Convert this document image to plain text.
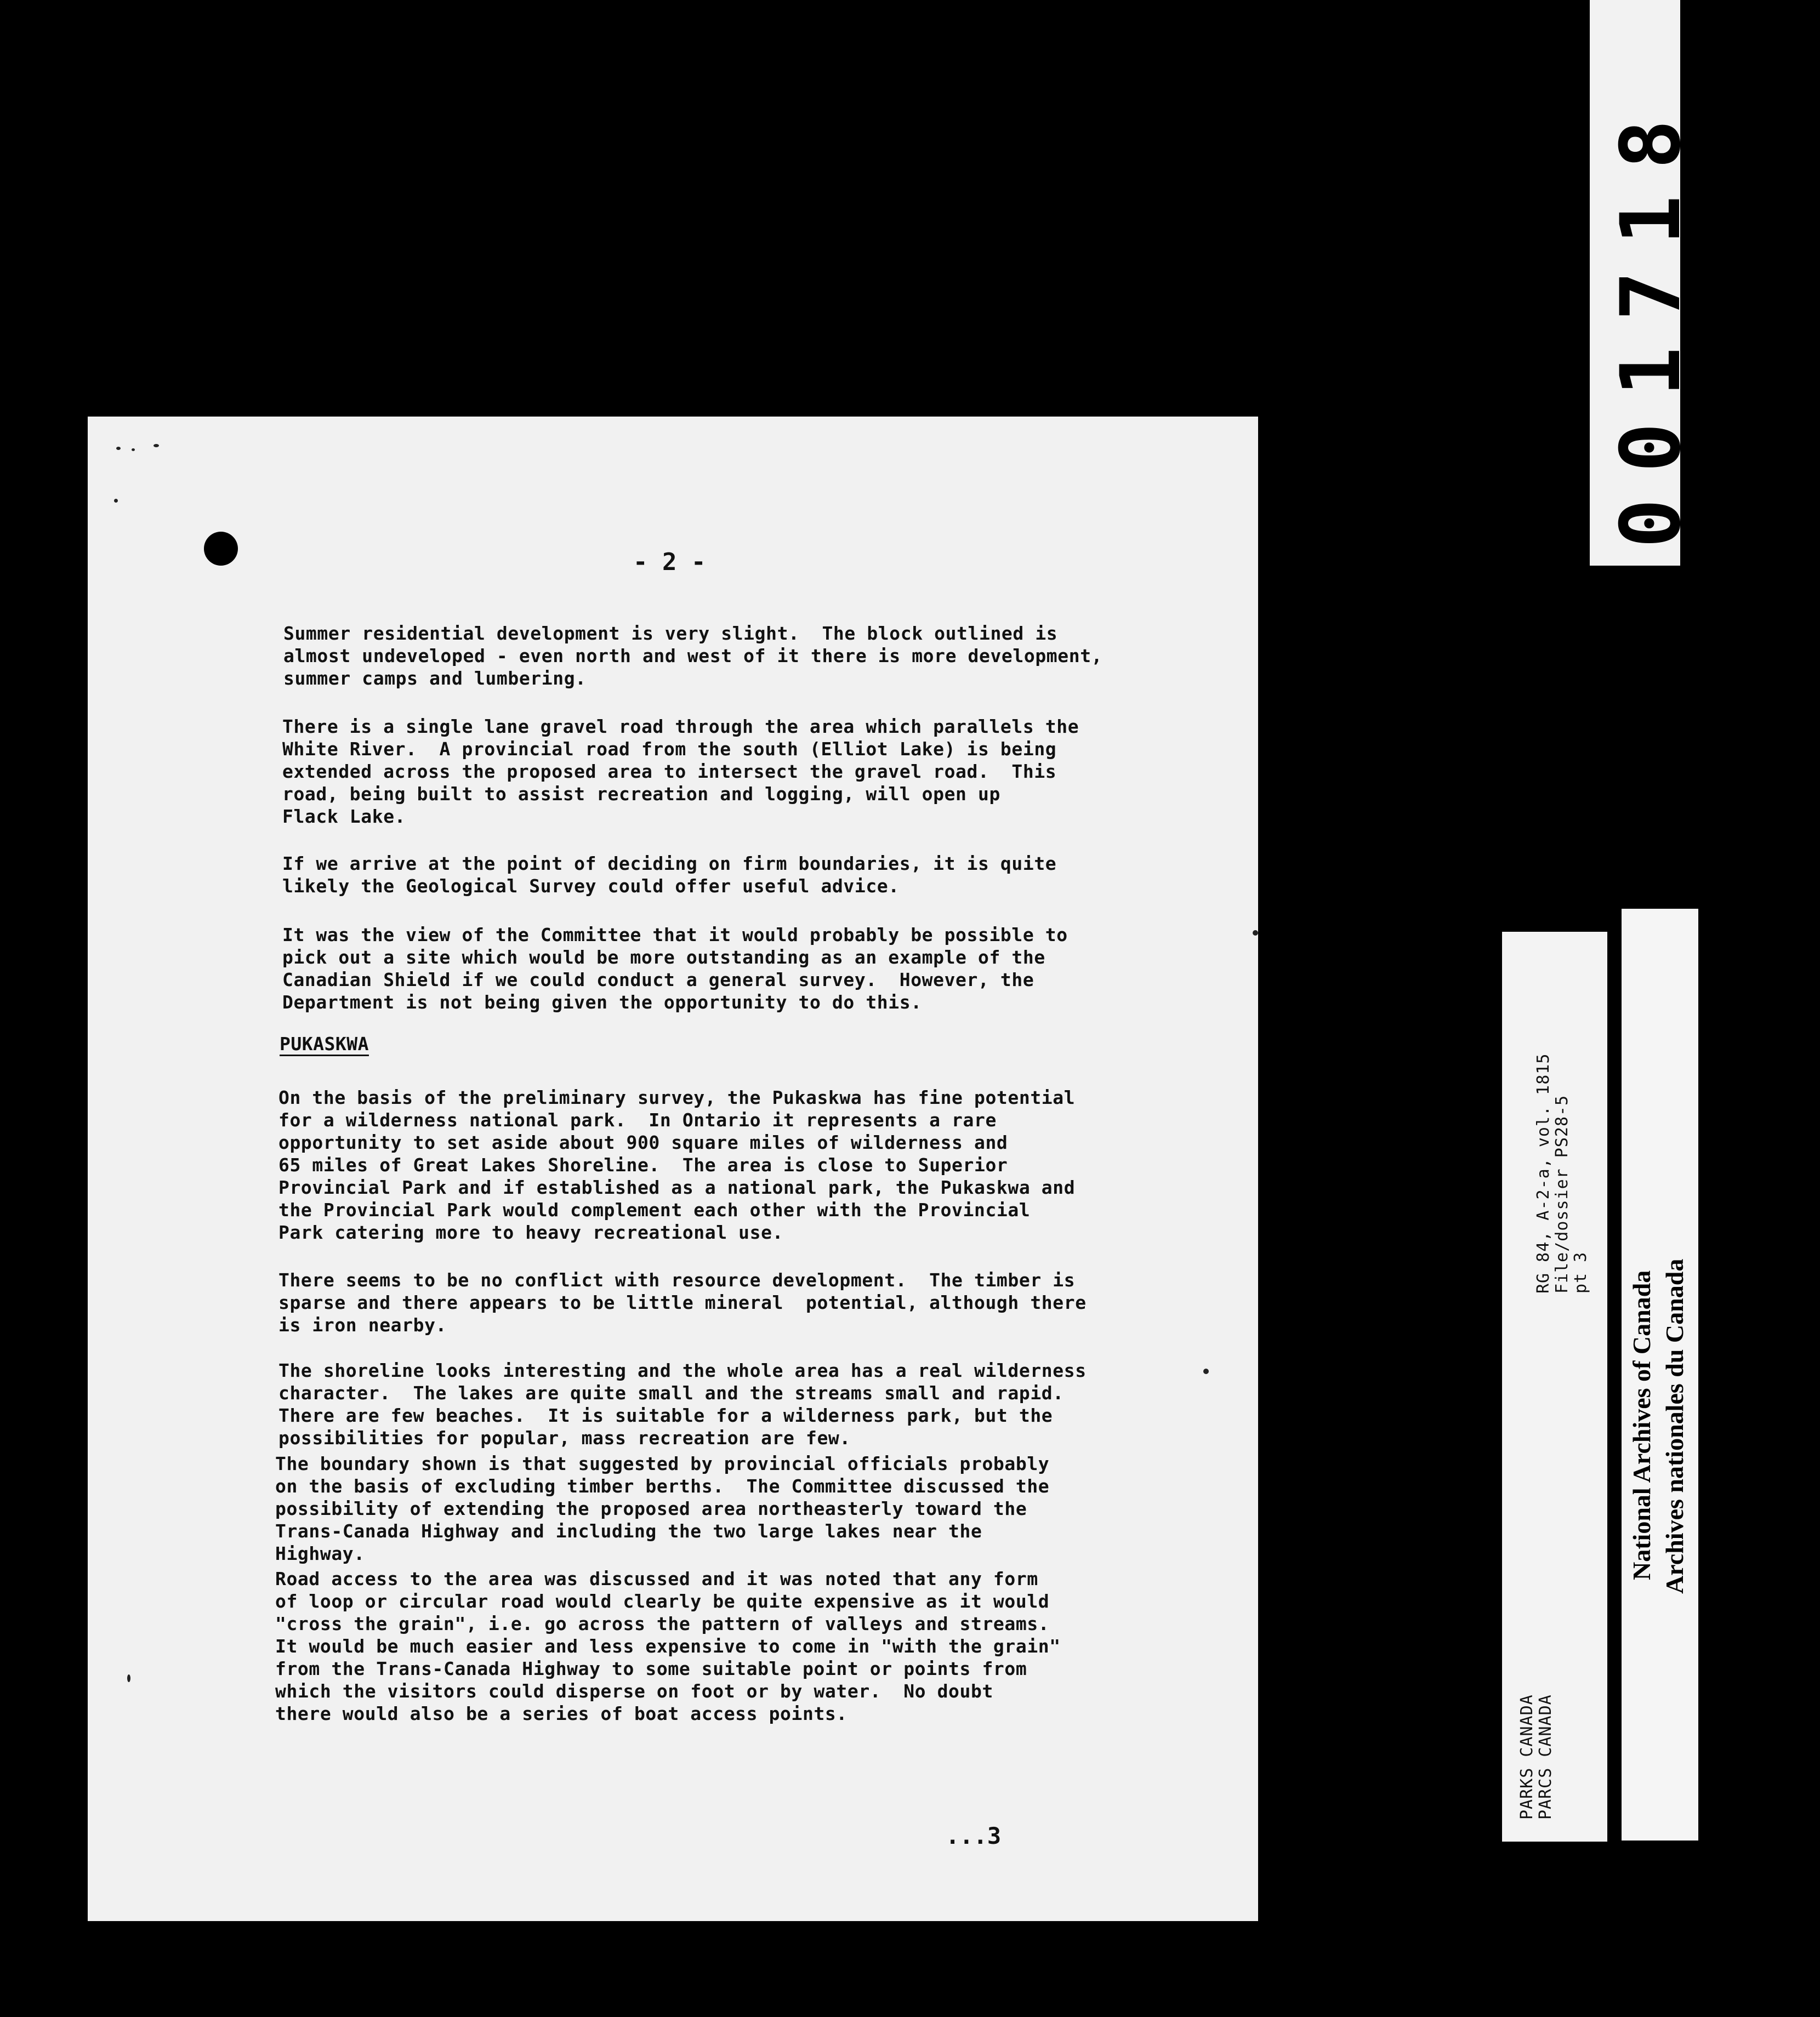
- 2 -
Summer residential development is very slight.  The block outlined is
almost undeveloped - even north and west of it there is more development,
summer camps and lumbering.
There is a single lane gravel road through the area which parallels the
White River.  A provincial road from the south (Elliot Lake) is being
extended across the proposed area to intersect the gravel road.  This
road, being built to assist recreation and logging, will open up
Flack Lake.
If we arrive at the point of deciding on firm boundaries, it is quite
likely the Geological Survey could offer useful advice.
It was the view of the Committee that it would probably be possible to
pick out a site which would be more outstanding as an example of the
Canadian Shield if we could conduct a general survey.  However, the
Department is not being given the opportunity to do this.
PUKASKWA
On the basis of the preliminary survey, the Pukaskwa has fine potential
for a wilderness national park.  In Ontario it represents a rare
opportunity to set aside about 900 square miles of wilderness and
65 miles of Great Lakes Shoreline.  The area is close to Superior
Provincial Park and if established as a national park, the Pukaskwa and
the Provincial Park would complement each other with the Provincial
Park catering more to heavy recreational use.
There seems to be no conflict with resource development.  The timber is
sparse and there appears to be little mineral  potential, although there
is iron nearby.
The shoreline looks interesting and the whole area has a real wilderness
character.  The lakes are quite small and the streams small and rapid.
There are few beaches.  It is suitable for a wilderness park, but the
possibilities for popular, mass recreation are few.
The boundary shown is that suggested by provincial officials probably
on the basis of excluding timber berths.  The Committee discussed the
possibility of extending the proposed area northeasterly toward the
Trans-Canada Highway and including the two large lakes near the
Highway.
Road access to the area was discussed and it was noted that any form
of loop or circular road would clearly be quite expensive as it would
"cross the grain", i.e. go across the pattern of valleys and streams.
It would be much easier and less expensive to come in "with the grain"
from the Trans-Canada Highway to some suitable point or points from
which the visitors could disperse on foot or by water.  No doubt
there would also be a series of boat access points.
...3
001718
PARKS CANADA PARCS CANADA
RG 84, A-2-a, vol. 1815 File/dossier PS28-5 pt 3 National Archives of Canada Archives nationales du Canada
